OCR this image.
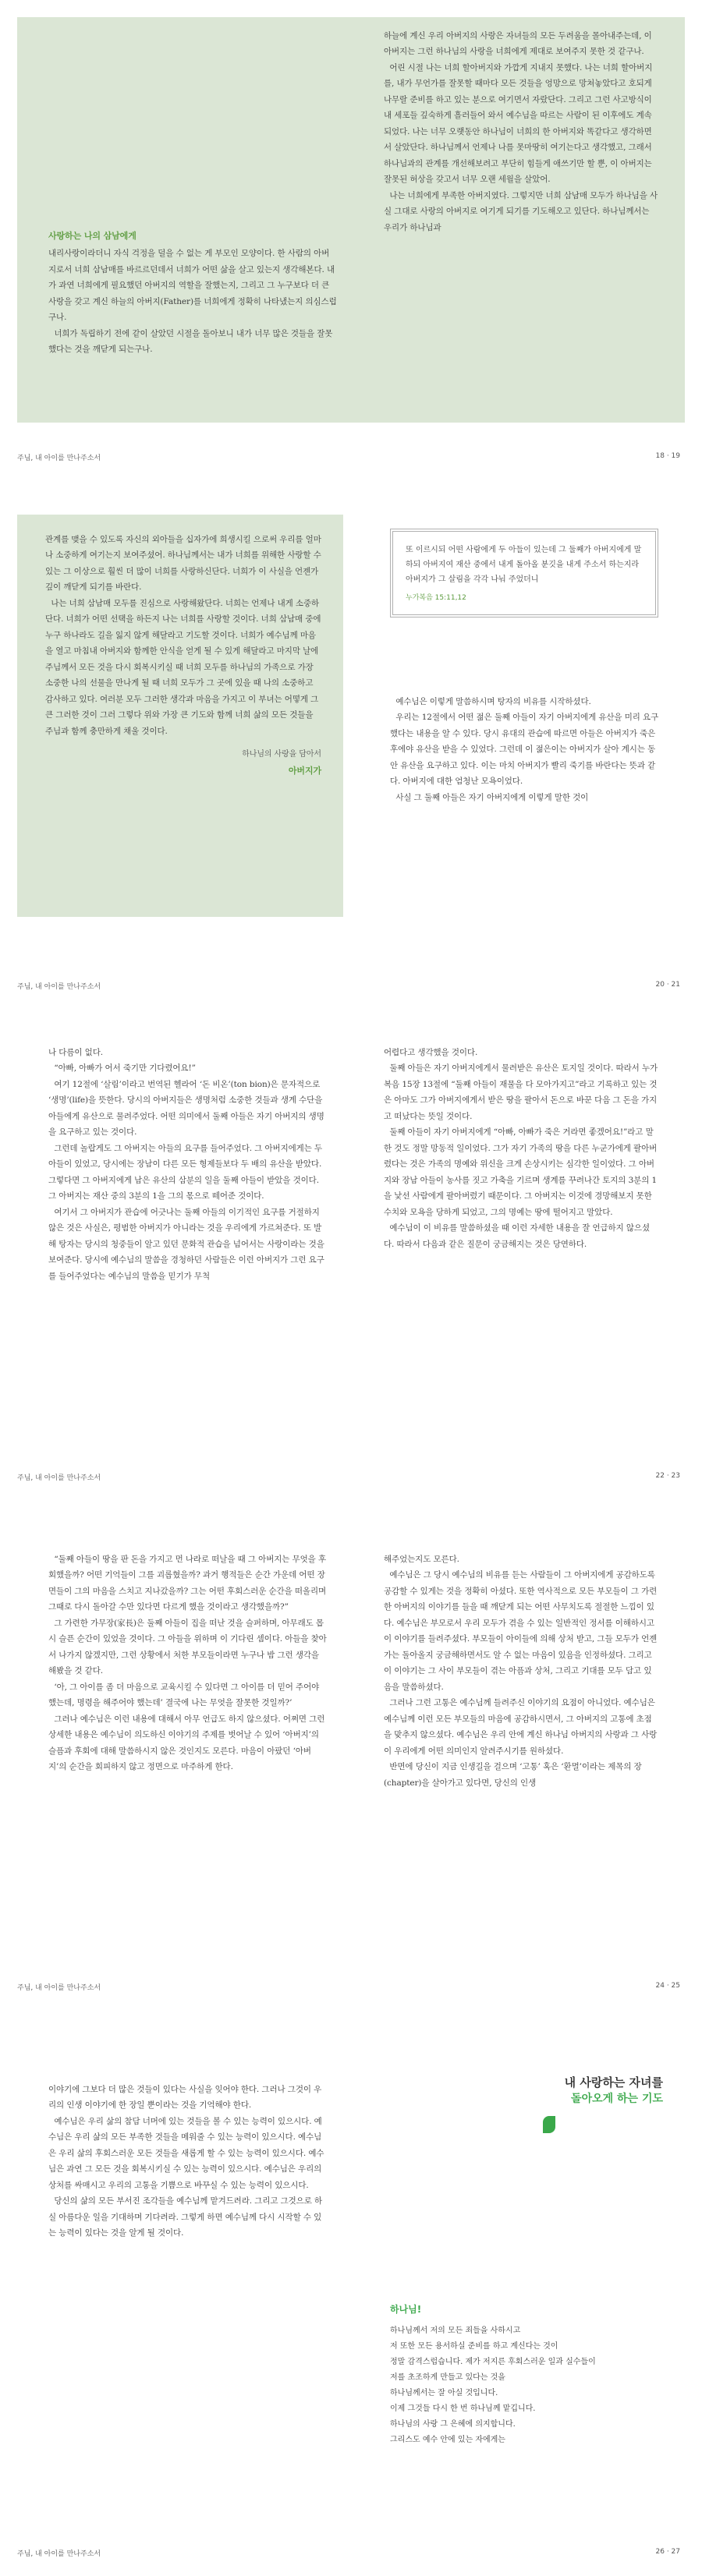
사랑하는 나의 삼남에게

내리사랑이라더니 자식 걱정을 덜을 수 없는 게 부모인 모양이다. 한 사람의 아버지로서 너희 삼남매를 바르르던데서 너희가 어떤 삶을 살고 있는지 생각해본다. 내가 과연 너희에게 필요했던 아버지의 역할을 잘했는지, 그리고 그 누구보다 더 큰 사랑을 갖고 계신 하늘의 아버지(Father)를 너희에게 정확히 나타냈는지 의심스럽구나.

너희가 독립하기 전에 같이 살았던 시절을 돌아보니 내가 너무 많은 것들을 잘못했다는 것을 깨닫게 되는구나.

하늘에 계신 우리 아버지의 사랑은 자녀들의 모든 두려움을 몰아내주는데, 이 아버지는 그런 하나님의 사랑을 너희에게 제대로 보여주지 못한 것 같구나.

어린 시절 나는 너희 할아버지와 가깝게 지내지 못했다. 나는 너희 할아버지를, 내가 무언가를 잘못할 때마다 모든 것들을 엉망으로 망쳐놓았다고 호되게 나무랄 준비를 하고 있는 분으로 여기면서 자랐단다. 그리고 그런 사고방식이 내 세포들 깊숙하게 흘러들어 와서 예수님을 따르는 사람이 된 이후에도 계속되었다. 나는 너무 오랫동안 하나님이 너희의 한 아버지와 똑같다고 생각하면서 살았단다. 하나님께서 언제나 나를 못마땅히 여기는다고 생각했고, 그래서 하나님과의 관계를 개선해보려고 부단히 힘들게 애쓰기만 할 뿐, 이 아버지는 잘못된 허상을 갖고서 너무 오랜 세월을 살았어.

나는 너희에게 부족한 아버지였다. 그렇지만 너희 삼남매 모두가 하나님을 사실 그대로 사랑의 아버지로 여기게 되기를 기도해오고 있단다. 하나님께서는 우리가 하나님과

주님, 내 아이를 만나주소서	18 · 19

관계를 맺을 수 있도록 자신의 외아들을 십자가에 희생시킬 으로써 우리를 얼마나 소중하게 여기는지 보여주셨어. 하나님께서는 내가 너희를 위해한 사랑할 수 있는 그 이상으로 훨씬 더 많이 너희를 사랑하신단다. 너희가 이 사실을 언젠가 깊이 깨닫게 되기를 바란다.

나는 너희 삼남매 모두를 진심으로 사랑해왔단다. 너희는 언제나 내게 소중하단다. 너희가 어떤 선택을 하든지 나는 너희를 사랑할 것이다. 너희 삼남매 중에 누구 하나라도 길을 잃지 않게 해달라고 기도할 것이다. 너희가 예수님께 마음을 열고 마침내 아버지와 함께한 안식을 얻게 될 수 있게 해달라고 마지막 날에 주님께서 모든 것을 다시 회복시키실 때 너희 모두를 하나님의 가족으로 가장 소중한 나의 선물을 만나게 될 때 너희 모두가 그 곳에 있을 때 나의 소중하고 감사하고 있다. 여러분 모두 그러한 생각과 마음을 가지고 이 부녀는 어떻게 그 큰 그러한 것이 그러 그렇다 위와 가장 큰 기도와 함께 너희 삶의 모든 것들을 주님과 함께 충만하게 채울 것이다.

하나님의 사랑을 담아서
아버지가
또 이르시되 어떤 사람에게 두 아들이 있는데 그 둘째가 아버지에게 말하되 아버지여 재산 중에서 내게 돌아올 분깃을 내게 주소서 하는지라 아버지가 그 살림을 각각 나눠 주었더니
누가복음 15:11,12

예수님은 이렇게 말씀하시며 탕자의 비유를 시작하셨다.

우리는 12절에서 어떤 젊은 둘째 아들이 자기 아버지에게 유산을 미리 요구했다는 내용을 알 수 있다. 당시 유대의 관습에 따르면 아들은 아버지가 죽은 후에야 유산을 받을 수 있었다. 그런데 이 젊은이는 아버지가 살아 계시는 동안 유산을 요구하고 있다. 이는 마치 아버지가 빨리 죽기를 바란다는 뜻과 같다. 아버지에 대한 엄청난 모욕이었다.

사실 그 둘째 아들은 자기 아버지에게 이렇게 말한 것이

주님, 내 아이를 만나주소서	20 · 21

나 다름이 없다.

“아빠, 아빠가 어서 죽기만 기다렸어요!”

여기 12절에 ‘살림’이라고 번역된 헬라어 ‘돈 비온’(ton bion)은 문자적으로 ‘생명’(life)을 뜻한다. 당시의 아버지들은 생명처럼 소중한 것들과 생계 수단을 아들에게 유산으로 물려주었다. 어떤 의미에서 둘째 아들은 자기 아버지의 생명을 요구하고 있는 것이다.

그런데 놀랍게도 그 아버지는 아들의 요구를 들어주었다. 그 아버지에게는 두 아들이 있었고, 당시에는 장남이 다른 모든 형제들보다 두 배의 유산을 받았다. 그렇다면 그 아버지에게 남은 유산의 삼분의 일을 둘째 아들이 받았을 것이다. 그 아버지는 재산 중의 3분의 1을 그의 몫으로 떼어준 것이다.

여기서 그 아버지가 관습에 어긋나는 둘째 아들의 이기적인 요구를 거절하지 않은 것은 사실은, 평범한 아버지가 아니라는 것을 우리에게 가르쳐준다. 또 발해 탕자는 당시의 청중들이 알고 있던 문화적 관습을 넘어서는 사랑이라는 것을 보여준다. 당시에 예수님의 말씀을 경청하던 사람들은 이런 아버지가 그런 요구를 들어주었다는 예수님의 말씀을 믿기가 무척

어렵다고 생각했을 것이다.

둘째 아들은 자기 아버지에게서 물려받은 유산은 토지일 것이다. 따라서 누가복음 15장 13절에 “둘째 아들이 재물을 다 모아가지고”라고 기록하고 있는 것은 아마도 그가 아버지에게서 받은 땅을 팔아서 돈으로 바꾼 다음 그 돈을 가지고 떠났다는 뜻일 것이다.

둘째 아들이 자기 아버지에게 “아빠, 아빠가 죽은 거라면 좋겠어요!”라고 말한 것도 정말 망동적 일이었다. 그가 자기 가족의 땅을 다른 누군가에게 팔아버렸다는 것은 가족의 명예와 위신을 크게 손상시키는 심각한 일이었다. 그 아버지와 장남 아들이 농사를 짓고 가축을 기르며 생계를 꾸려나간 토지의 3분의 1을 낯선 사람에게 팔아버렸기 때문이다. 그 아버지는 이것에 경망해보지 못한 수치와 모욕을 당하게 되었고, 그의 명예는 땅에 떨어지고 말았다.

예수님이 이 비유를 말씀하셨을 때 이런 자세한 내용을 잘 언급하지 않으셨다. 따라서 다음과 같은 질문이 궁금해지는 것은 당연하다.

주님, 내 아이를 만나주소서	22 · 23

“둘째 아들이 땅을 판 돈을 가지고 먼 나라로 떠날을 때 그 아버지는 무엇을 후회했을까? 어떤 기억들이 그를 괴롭혔을까? 과거 행적들은 순간 가운데 어떤 장면들이 그의 마음을 스치고 지나갔을까? 그는 어떤 후회스러운 순간을 떠올리며 그때로 다시 돌아갈 수만 있다면 다르게 했을 것이라고 생각했을까?”

그 가련한 가무장(家長)은 둘째 아들이 집을 떠난 것을 슬퍼하며, 아무래도 몹시 슬픈 순간이 있었을 것이다. 그 아들을 위하며 이 기다린 셈이다. 아들을 찾아서 나가지 않겠지만, 그런 상황에서 처한 부모들이라면 누구나 밤 그런 생각을 해봤을 것 같다.

‘아, 그 아이를 좀 더 마음으로 교육시킬 수 있다면 그 아이를 더 믿어 주어야 했는데, 명령을 해주어야 했는데’ 결국에 나는 무엇을 잘못한 것일까?’

그러나 예수님은 이런 내용에 대해서 아무 언급도 하지 않으셨다. 어쩌면 그런 상세한 내용은 예수님이 의도하신 이야기의 주제를 벗어날 수 있어 ‘아버지’의 슬픔과 후회에 대해 말씀하시지 않은 것인지도 모른다. 마음이 아팠던 ‘아버지’의 순간을 회피하지 않고 정면으로 마주하게 한다.

해주었는지도 모른다.

예수님은 그 당시 예수님의 비유를 듣는 사람들이 그 아버지에게 공감하도록 공감할 수 있게는 것을 정확히 아셨다. 또한 역사적으로 모든 부모들이 그 가련한 아버지의 이야기를 들을 때 깨닫게 되는 어떤 사무치도록 절절한 느낌이 있다. 예수님은 부모로서 우리 모두가 겪을 수 있는 일반적인 정서를 이해하시고 이 이야기를 들려주셨다. 부모들이 아이들에 의해 상처 받고, 그들 모두가 언젠가는 돌아올지 궁금해하면서도 알 수 없는 마음이 있음을 인정하셨다. 그리고 이 이야기는 그 사이 부모들이 겪는 아픔과 상처, 그리고 기대를 모두 담고 있음을 말씀하셨다.

그러나 그런 고통은 예수님께 들려주신 이야기의 요점이 아니었다. 예수님은 예수님께 이런 모든 부모들의 마음에 공감하시면서, 그 아버지의 고통에 초점을 맞추지 않으셨다. 예수님은 우리 안에 계신 하나님 아버지의 사랑과 그 사랑이 우리에게 어떤 의미인지 알려주시기를 원하셨다.

반면에 당신이 지금 인생길을 걸으며 ‘고통’ 혹은 ‘환멸’이라는 제목의 장(chapter)을 살아가고 있다면, 당신의 인생

주님, 내 아이를 만나주소서	24 · 25

이야기에 그보다 더 많은 것들이 있다는 사실을 잊어야 한다. 그러나 그것이 우리의 인생 이야기에 한 장일 뿐이라는 것을 기억해야 한다.

예수님은 우리 삶의 참담 너머에 있는 것들을 볼 수 있는 능력이 있으시다. 예수님은 우리 삶의 모든 부족한 것들을 메워줄 수 있는 능력이 있으시다. 예수님은 우리 삶의 후회스러운 모든 것들을 새롭게 할 수 있는 능력이 있으시다. 예수님은 과연 그 모든 것을 회복시키실 수 있는 능력이 있으시다. 예수님은 우리의 상처를 싸매시고 우리의 고통을 기쁨으로 바꾸실 수 있는 능력이 있으시다.

당신의 삶의 모든 부서진 조각들을 예수님께 맡겨드려라. 그리고 그것으로 하실 아름다운 일을 기대하며 기다려라. 그렇게 하면 예수님께 다시 시작할 수 있는 능력이 있다는 것을 알게 될 것이다.

내 사랑하는 자녀를
돌아오게 하는 기도
하나님!
하나님께서 저의 모든 죄들을 사하시고
저 또한 모든 용서하실 준비를 하고 계신다는 것이
정말 감격스럽습니다. 제가 저지른 후회스러운 일과 실수들이
저를 초조하게 만들고 있다는 것을
하나님께서는 잘 아실 것입니다.
이제 그것들 다시 한 번 하나님께 맡깁니다.
하나님의 사랑 그 은혜에 의지합니다.
그리스도 예수 안에 있는 자에게는
주님, 내 아이를 만나주소서	26 · 27
